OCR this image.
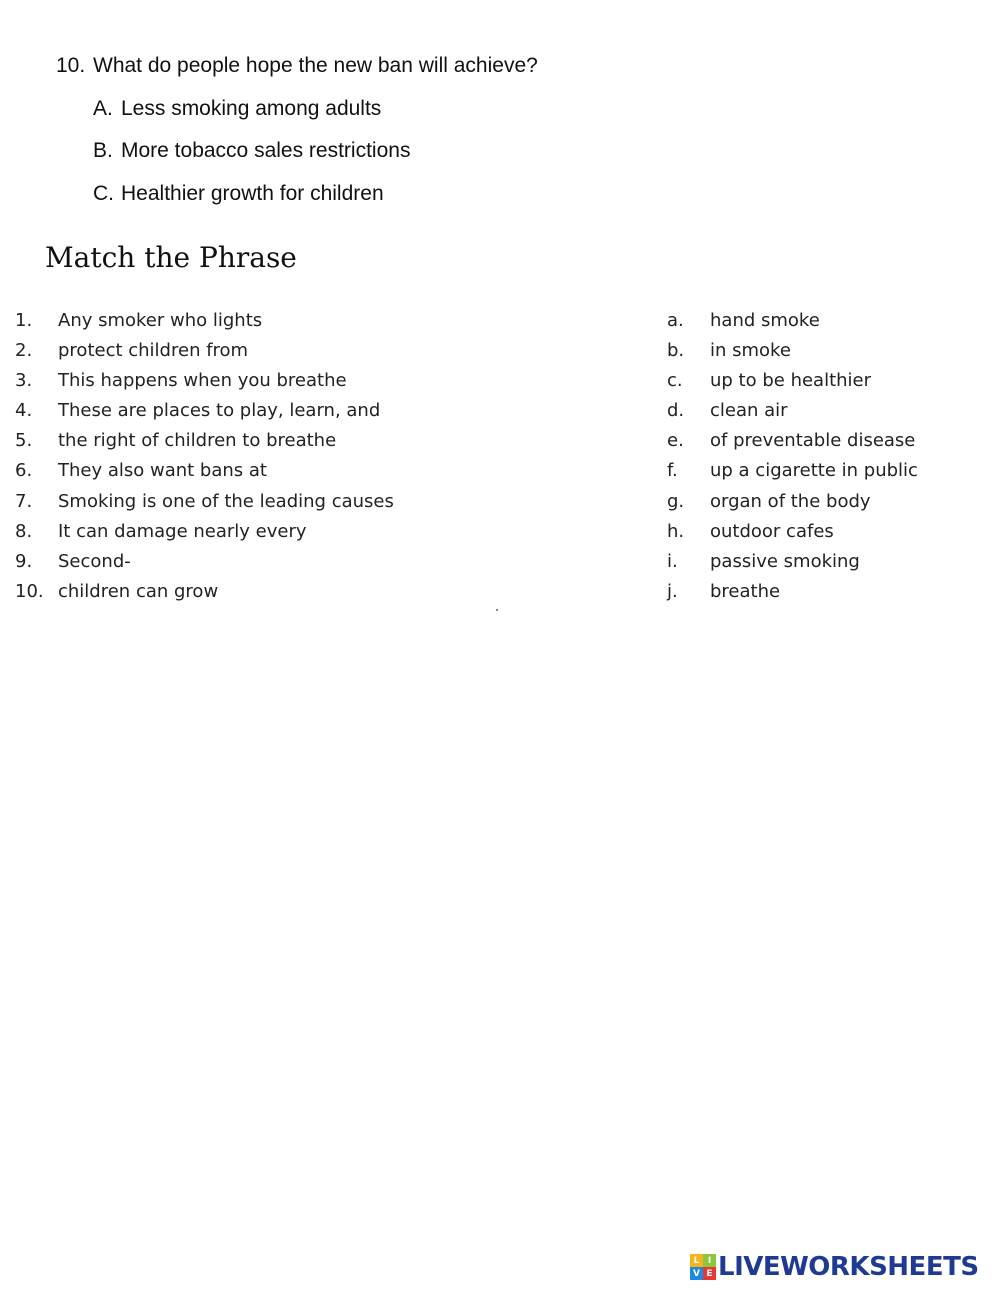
10. What do people hope the new ban will achieve?
A. Less smoking among adults
B. More tobacco sales restrictions
C. Healthier growth for children
Match the Phrase
1. Any smoker who lights
2. protect children from
3. This happens when you breathe
4. These are places to play, learn, and
5. the right of children to breathe
6. They also want bans at
7. Smoking is one of the leading causes
8. It can damage nearly every
9. Second-
10. children can grow
a. hand smoke
b. in smoke
c. up to be healthier
d. clean air
e. of preventable disease
f. up a cigarette in public
g. organ of the body
h. outdoor cafes
i. passive smoking
j. breathe
L I
V E LIVEWORKSHEETS
